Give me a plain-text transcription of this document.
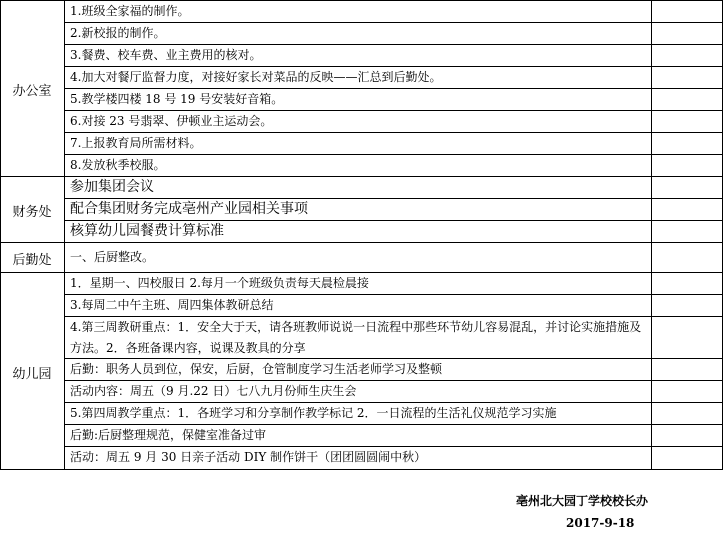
办公室
财务处
后勤处
幼儿园
1.班级全家福的制作。
2.新校报的制作。
3.餐费、校车费、业主费用的核对。
4.加大对餐厅监督力度，对接好家长对菜品的反映——汇总到后勤处。
5.教学楼四楼 18 号 19 号安装好音箱。
6.对接 23 号翡翠、伊顿业主运动会。
7.上报教育局所需材料。
8.发放秋季校服。
参加集团会议
配合集团财务完成亳州产业园相关事项
核算幼儿园餐费计算标准
一、后厨整改。
1．星期一、四校服日 2.每月一个班级负责每天晨检晨接
3.每周二中午主班、周四集体教研总结
4.第三周教研重点：1．安全大于天，请各班教师说说一日流程中那些环节幼儿容易混乱，并讨论实施措施及方法。2．各班备课内容，说课及教具的分享
后勤：职务人员到位，保安，后厨，仓管制度学习生活老师学习及整顿
活动内容：周五（9 月.22 日）七八九月份师生庆生会
5.第四周教学重点：1．各班学习和分享制作教学标记 2．一日流程的生活礼仪规范学习实施
后勤:后厨整理规范，保健室准备过审
活动：周五 9 月 30 日亲子活动 DIY 制作饼干（团团圆圆闹中秋）
亳州北大园丁学校校长办
2017-9-18
